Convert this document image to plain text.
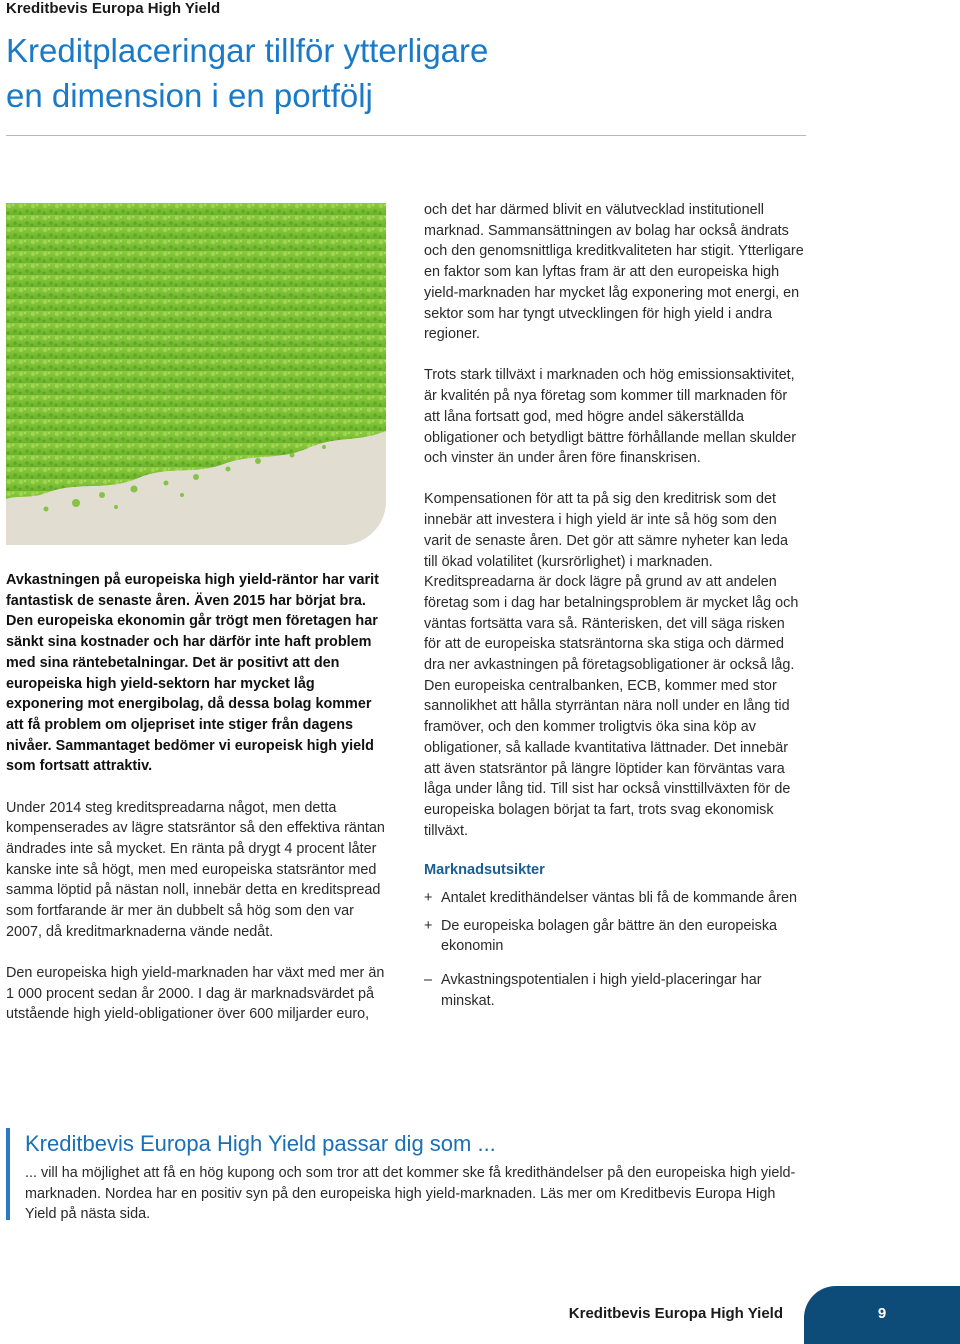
Kreditbevis Europa High Yield
Kreditplaceringar tillför ytterligare
en dimension i en portfölj

Avkastningen på europeiska high yield-räntor har varit fantastisk de senaste åren. Även 2015 har börjat bra. Den europeiska ekonomin går trögt men företagen har sänkt sina kostnader och har därför inte haft problem med sina räntebetalningar. Det är positivt att den europeiska high yield-sektorn har mycket låg exponering mot energibolag, då dessa bolag kommer att få problem om oljepriset inte stiger från dagens nivåer. Sammantaget bedömer vi europeisk high yield som fortsatt attraktiv.

Under 2014 steg kreditspreadarna något, men detta kompenserades av lägre statsräntor så den effektiva räntan ändrades inte så mycket. En ränta på drygt 4 procent låter kanske inte så högt, men med europeiska statsräntor med samma löptid på nästan noll, innebär detta en kreditspread som fortfarande är mer än dubbelt så hög som den var 2007, då kreditmarknaderna vände nedåt.

Den europeiska high yield-marknaden har växt med mer än 1 000 procent sedan år 2000. I dag är marknadsvärdet på utstående high yield-obligationer över 600 miljarder euro,

och det har därmed blivit en välutvecklad institutionell marknad. Sammansättningen av bolag har också ändrats och den genomsnittliga kreditkvaliteten har stigit. Ytterligare en faktor som kan lyftas fram är att den europeiska high yield-marknaden har mycket låg exponering mot energi, en sektor som har tyngt utvecklingen för high yield i andra regioner.

Trots stark tillväxt i marknaden och hög emissionsaktivitet, är kvalitén på nya företag som kommer till marknaden för att låna fortsatt god, med högre andel säkerställda obligationer och betydligt bättre förhållande mellan skulder och vinster än under åren före finanskrisen.

Kompensationen för att ta på sig den kreditrisk som det innebär att investera i high yield är inte så hög som den varit de senaste åren. Det gör att sämre nyheter kan leda till ökad volatilitet (kursrörlighet) i marknaden. Kreditspreadarna är dock lägre på grund av att andelen företag som i dag har betalningsproblem är mycket låg och väntas fortsätta vara så. Ränterisken, det vill säga risken för att de europeiska statsräntorna ska stiga och därmed dra ner avkastningen på företagsobligationer är också låg. Den europeiska centralbanken, ECB, kommer med stor sannolikhet att hålla styrräntan nära noll under en lång tid framöver, och den kommer troligtvis öka sina köp av obligationer, så kallade kvantitativa lättnader. Det innebär att även statsräntor på längre löptider kan förväntas vara låga under lång tid. Till sist har också vinsttillväxten för de europeiska bolagen börjat ta fart, trots svag ekonomisk tillväxt.

Marknadsutsikter
+ Antalet kredithändelser väntas bli få de kommande åren
+ De europeiska bolagen går bättre än den europeiska ekonomin
– Avkastningspotentialen i high yield-placeringar har minskat.
Kreditbevis Europa High Yield passar dig som ...
... vill ha möjlighet att få en hög kupong och som tror att det kommer ske få kredithändelser på den europeiska high yield-marknaden. Nordea har en positiv syn på den europeiska high yield-marknaden. Läs mer om Kreditbevis Europa High Yield på nästa sida.
Kreditbevis Europa High Yield	9
